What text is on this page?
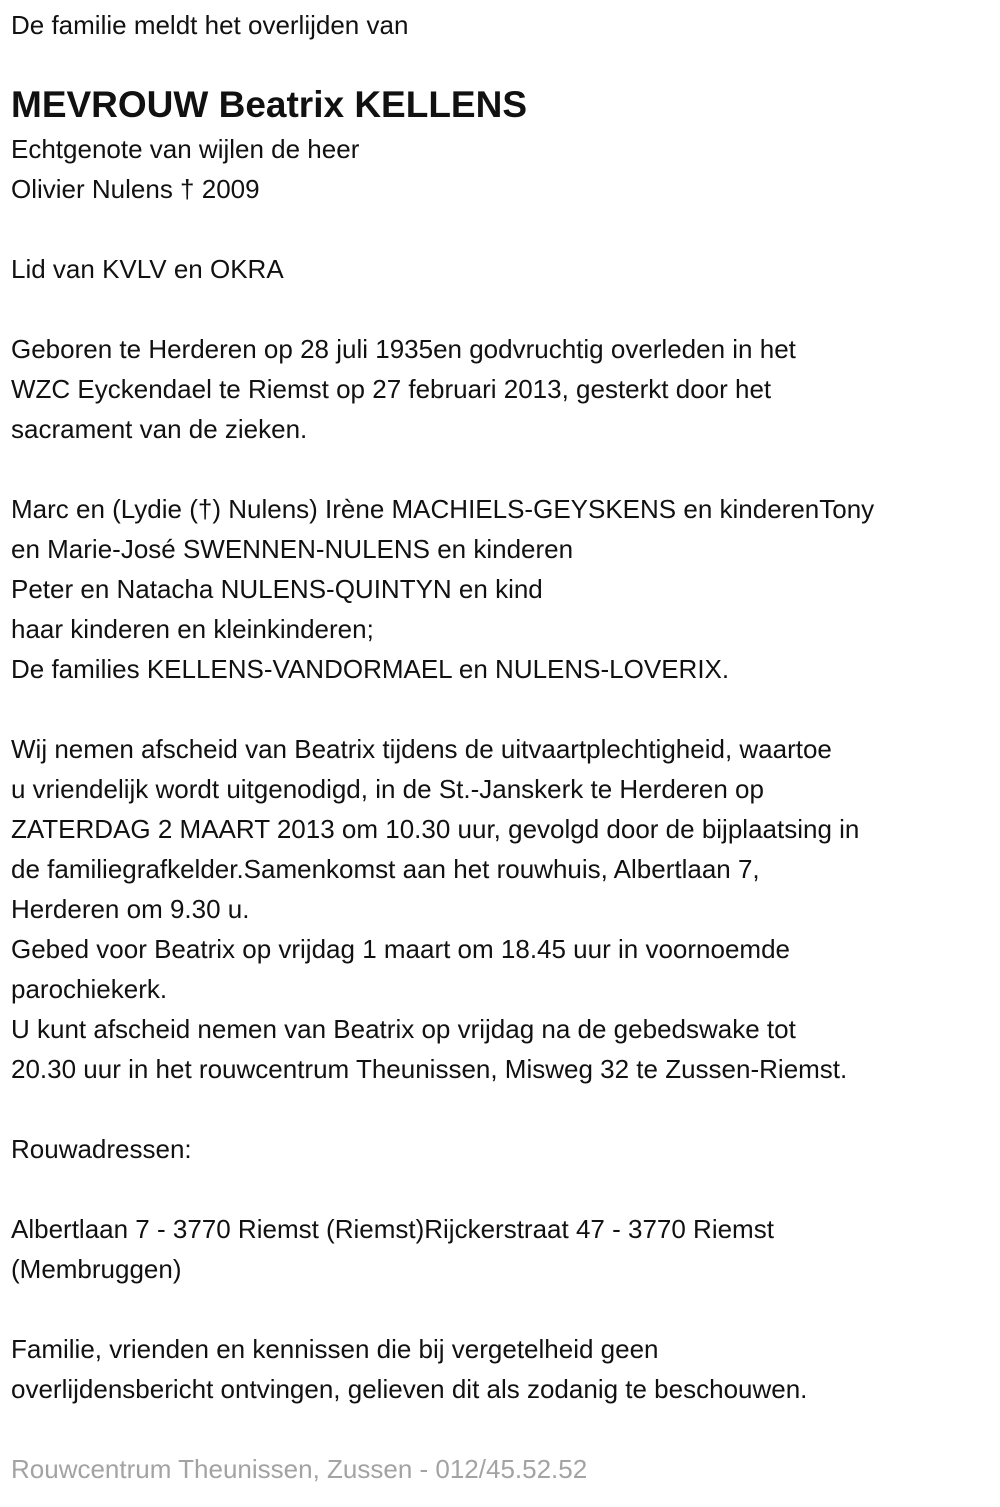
De familie meldt het overlijden van
MEVROUW Beatrix KELLENS
Echtgenote van wijlen de heer
Olivier Nulens † 2009
Lid van KVLV en OKRA
Geboren te Herderen op 28 juli 1935en godvruchtig overleden in het
WZC Eyckendael te Riemst op 27 februari 2013, gesterkt door het
sacrament van de zieken.
Marc en (Lydie (†) Nulens) Irène MACHIELS-GEYSKENS en kinderenTony
en Marie-José SWENNEN-NULENS en kinderen
Peter en Natacha NULENS-QUINTYN en kind
haar kinderen en kleinkinderen;
De families KELLENS-VANDORMAEL en NULENS-LOVERIX.
Wij nemen afscheid van Beatrix tijdens de uitvaartplechtigheid, waartoe
u vriendelijk wordt uitgenodigd, in de St.-Janskerk te Herderen op
ZATERDAG 2 MAART 2013 om 10.30 uur, gevolgd door de bijplaatsing in
de familiegrafkelder.Samenkomst aan het rouwhuis, Albertlaan 7,
Herderen om 9.30 u.
Gebed voor Beatrix op vrijdag 1 maart om 18.45 uur in voornoemde
parochiekerk.
U kunt afscheid nemen van Beatrix op vrijdag na de gebedswake tot
20.30 uur in het rouwcentrum Theunissen, Misweg 32 te Zussen-Riemst.
Rouwadressen:
Albertlaan 7 - 3770 Riemst (Riemst)Rijckerstraat 47 - 3770 Riemst
(Membruggen)
Familie, vrienden en kennissen die bij vergetelheid geen
overlijdensbericht ontvingen, gelieven dit als zodanig te beschouwen.
Rouwcentrum Theunissen, Zussen - 012/45.52.52
